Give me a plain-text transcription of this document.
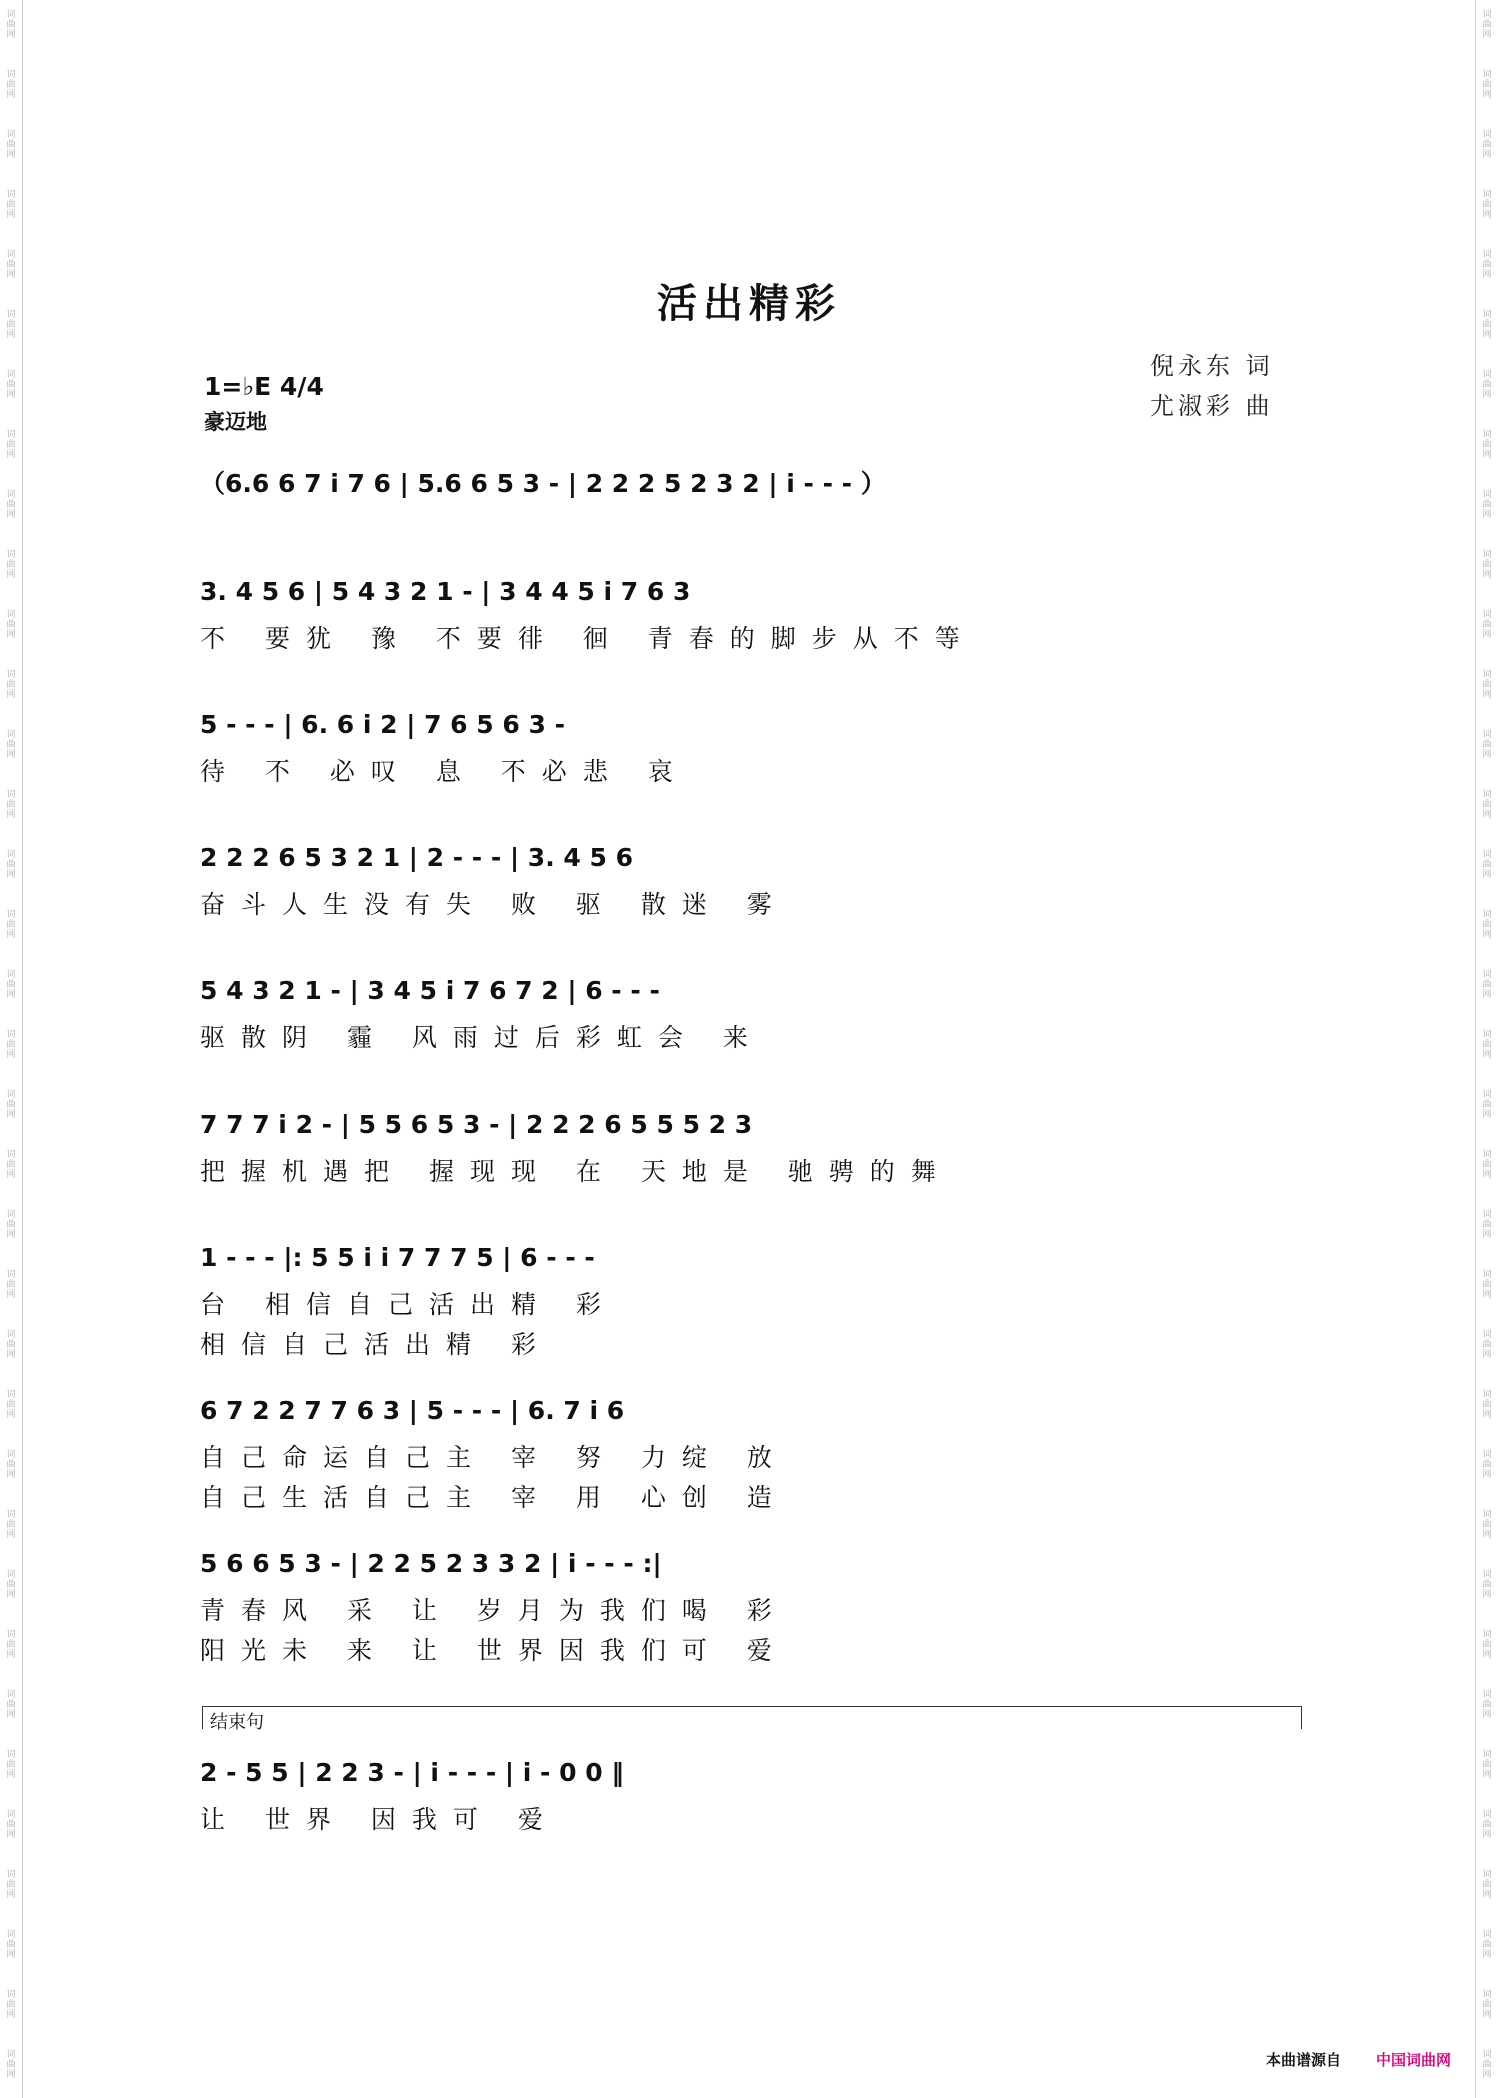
词曲网
词曲网
词曲网
词曲网
词曲网
词曲网
词曲网
词曲网
词曲网
词曲网
词曲网
词曲网
词曲网
词曲网
词曲网
词曲网
词曲网
词曲网
词曲网
词曲网
词曲网
词曲网
词曲网
词曲网
词曲网
词曲网
词曲网
词曲网
词曲网
词曲网
词曲网
词曲网
词曲网
词曲网
词曲网
词曲网
词曲网
词曲网
词曲网
词曲网
词曲网
词曲网
词曲网
词曲网
词曲网
词曲网
词曲网
词曲网
词曲网
词曲网
词曲网
词曲网
词曲网
词曲网
词曲网
词曲网
词曲网
词曲网
词曲网
词曲网
词曲网
词曲网
词曲网
词曲网
词曲网
词曲网
词曲网
词曲网
词曲网
词曲网
活出精彩
倪永东 词
尤淑彩 曲
1=♭E 4/4
豪迈地
（6.6 6 7 i 7 6 | 5.6 6 5 3 - | 2 2 2 5 2 3 2 | i - - - ）
3. 4 5 6 | 5 4 3 2 1 - | 3 4 4 5 i 7 6 3
不 要犹 豫 不要徘 徊 青春的脚步从不等
5 - - - | 6. 6 i 2 | 7 6 5 6 3 -
待 不 必叹 息 不必悲 哀
2 2 2 6 5 3 2 1 | 2 - - - | 3. 4 5 6
奋斗人生没有失 败 驱 散迷 雾
5 4 3 2 1 - | 3 4 5 i 7 6 7 2 | 6 - - -
驱散阴 霾 风雨过后彩虹会 来
7 7 7 i 2 - | 5 5 6 5 3 - | 2 2 2 6 5 5 5 2 3
把握机遇把 握现现 在 天地是 驰骋的舞
1 - - - |: 5 5 i i 7 7 7 5 | 6 - - -
台 相信自己活出精 彩
相信自己活出精 彩
6 7 2 2 7 7 6 3 | 5 - - - | 6. 7 i 6
自己命运自己主 宰 努 力绽 放
自己生活自己主 宰 用 心创 造
5 6 6 5 3 - | 2 2 5 2 3 3 2 | i - - - :|
青春风 采 让 岁月为我们喝 彩
阳光未 来 让 世界因我们可 爱
结束句
2 - 5 5 | 2 2 3 - | i - - - | i - 0 0 ‖
让 世界 因我可 爱
本曲谱源自 中国词曲网
